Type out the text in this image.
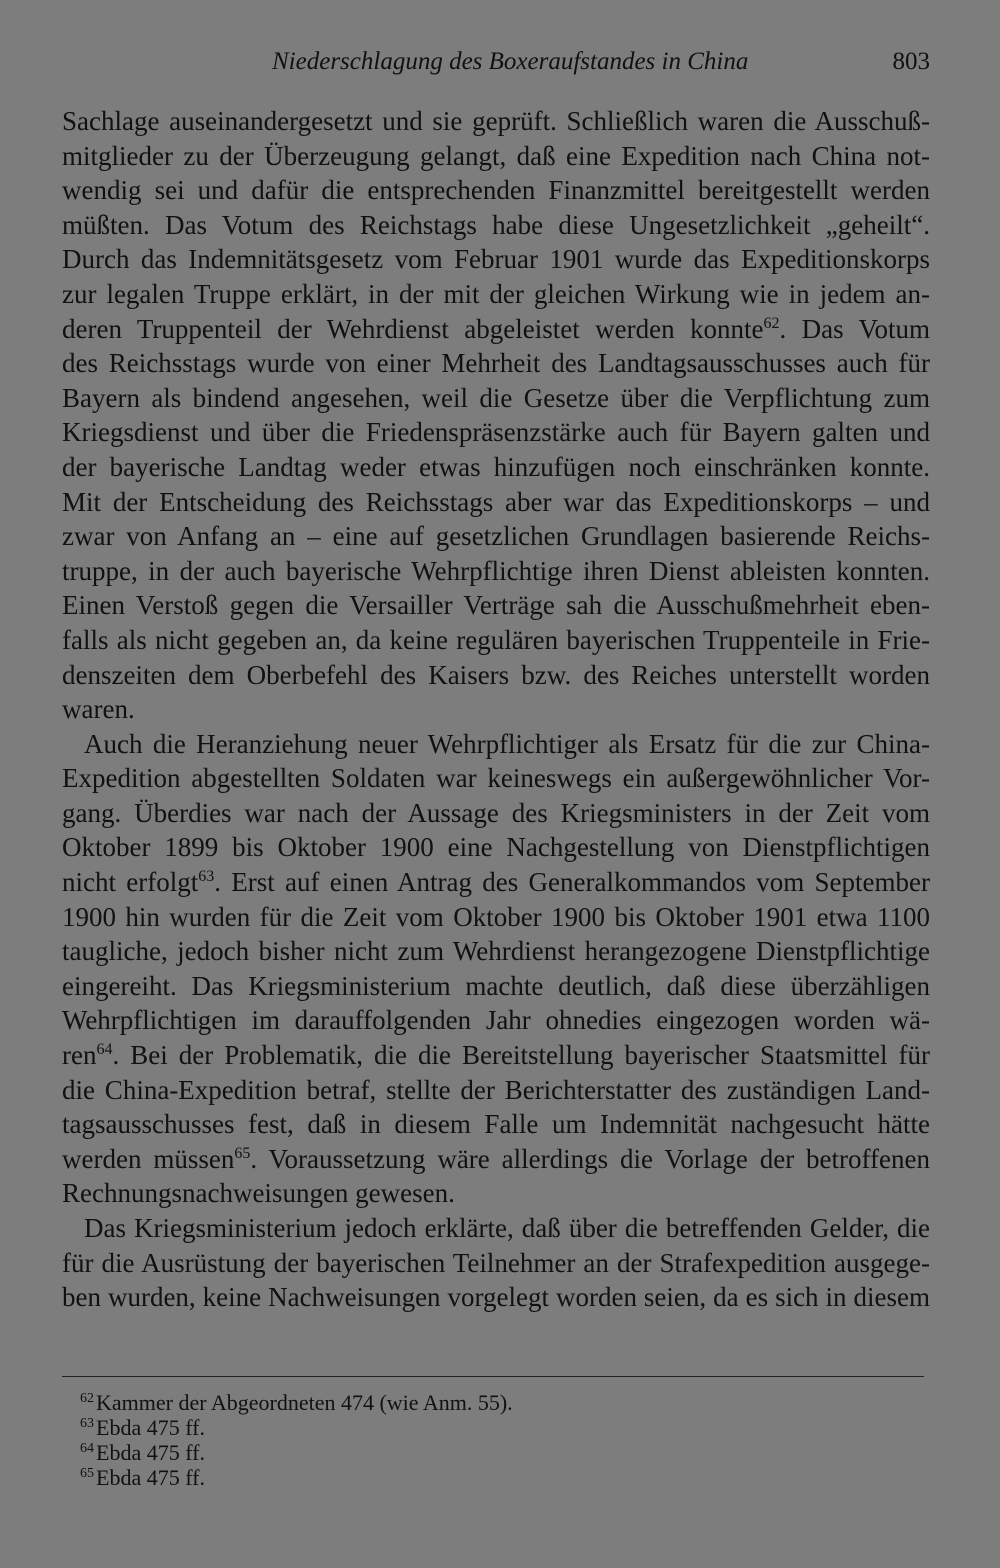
Niederschlagung des Boxeraufstandes in China	803
Sachlage auseinandergesetzt und sie geprüft. Schließlich waren die Ausschuß-
mitglieder zu der Überzeugung gelangt, daß eine Expedition nach China not-
wendig sei und dafür die entsprechenden Finanzmittel bereitgestellt werden
müßten. Das Votum des Reichstags habe diese Ungesetzlichkeit „geheilt“.
Durch das Indemnitätsgesetz vom Februar 1901 wurde das Expeditionskorps
zur legalen Truppe erklärt, in der mit der gleichen Wirkung wie in jedem an-
deren Truppenteil der Wehrdienst abgeleistet werden konnte$^{62}$. Das Votum
des Reichsstags wurde von einer Mehrheit des Landtagsausschusses auch für
Bayern als bindend angesehen, weil die Gesetze über die Verpflichtung zum
Kriegsdienst und über die Friedenspräsenzstärke auch für Bayern galten und
der bayerische Landtag weder etwas hinzufügen noch einschränken konnte.
Mit der Entscheidung des Reichsstags aber war das Expeditionskorps – und
zwar von Anfang an – eine auf gesetzlichen Grundlagen basierende Reichs-
truppe, in der auch bayerische Wehrpflichtige ihren Dienst ableisten konnten.
Einen Verstoß gegen die Versailler Verträge sah die Ausschußmehrheit eben-
falls als nicht gegeben an, da keine regulären bayerischen Truppenteile in Frie-
denszeiten dem Oberbefehl des Kaisers bzw. des Reiches unterstellt worden
waren.
Auch die Heranziehung neuer Wehrpflichtiger als Ersatz für die zur China-
Expedition abgestellten Soldaten war keineswegs ein außergewöhnlicher Vor-
gang. Überdies war nach der Aussage des Kriegsministers in der Zeit vom
Oktober 1899 bis Oktober 1900 eine Nachgestellung von Dienstpflichtigen
nicht erfolgt$^{63}$. Erst auf einen Antrag des Generalkommandos vom September
1900 hin wurden für die Zeit vom Oktober 1900 bis Oktober 1901 etwa 1100
taugliche, jedoch bisher nicht zum Wehrdienst herangezogene Dienstpflichtige
eingereiht. Das Kriegsministerium machte deutlich, daß diese überzähligen
Wehrpflichtigen im darauffolgenden Jahr ohnedies eingezogen worden wä-
ren$^{64}$. Bei der Problematik, die die Bereitstellung bayerischer Staatsmittel für
die China-Expedition betraf, stellte der Berichterstatter des zuständigen Land-
tagsausschusses fest, daß in diesem Falle um Indemnität nachgesucht hätte
werden müssen$^{65}$. Voraussetzung wäre allerdings die Vorlage der betroffenen
Rechnungsnachweisungen gewesen.
Das Kriegsministerium jedoch erklärte, daß über die betreffenden Gelder, die
für die Ausrüstung der bayerischen Teilnehmer an der Strafexpedition ausgege-
ben wurden, keine Nachweisungen vorgelegt worden seien, da es sich in diesem
62Kammer der Abgeordneten 474 (wie Anm. 55).
63Ebda 475 ff.
64Ebda 475 ff.
65Ebda 475 ff.
